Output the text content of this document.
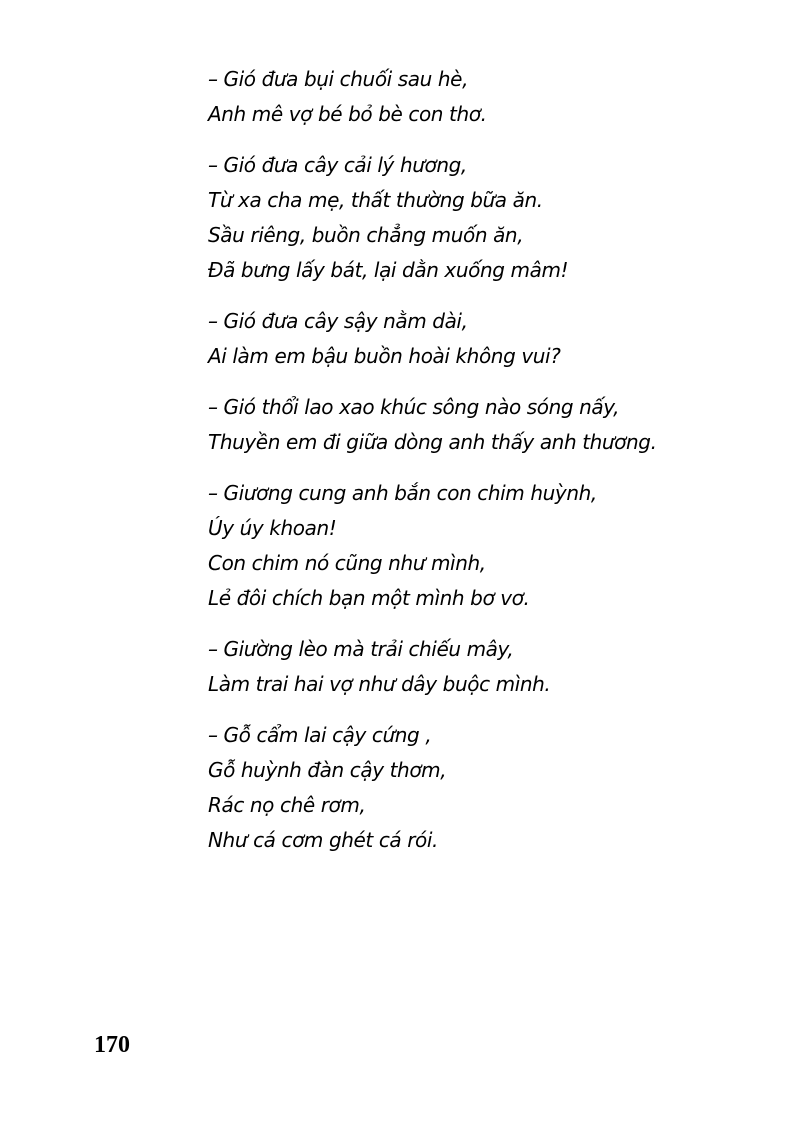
– Gió đưa bụi chuối sau hè,
Anh mê vợ bé bỏ bè con thơ.
– Gió đưa cây cải lý hương,
Từ xa cha mẹ, thất thường bữa ăn.
Sầu riêng, buồn chẳng muốn ăn,
Đã bưng lấy bát, lại dằn xuống mâm!
– Gió đưa cây sậy nằm dài,
Ai làm em bậu buồn hoài không vui?
– Gió thổi lao xao khúc sông nào sóng nấy,
Thuyền em đi giữa dòng anh thấy anh thương.
– Giương cung anh bắn con chim huỳnh,
Úy úy khoan!
Con chim nó cũng như mình,
Lẻ đôi chích bạn một mình bơ vơ.
– Giường lèo mà trải chiếu mây,
Làm trai hai vợ như dây buộc mình.
– Gỗ cẩm lai cậy cứng ,
Gỗ huỳnh đàn cậy thơm,
Rác nọ chê rơm,
Như cá cơm ghét cá rói.
170
